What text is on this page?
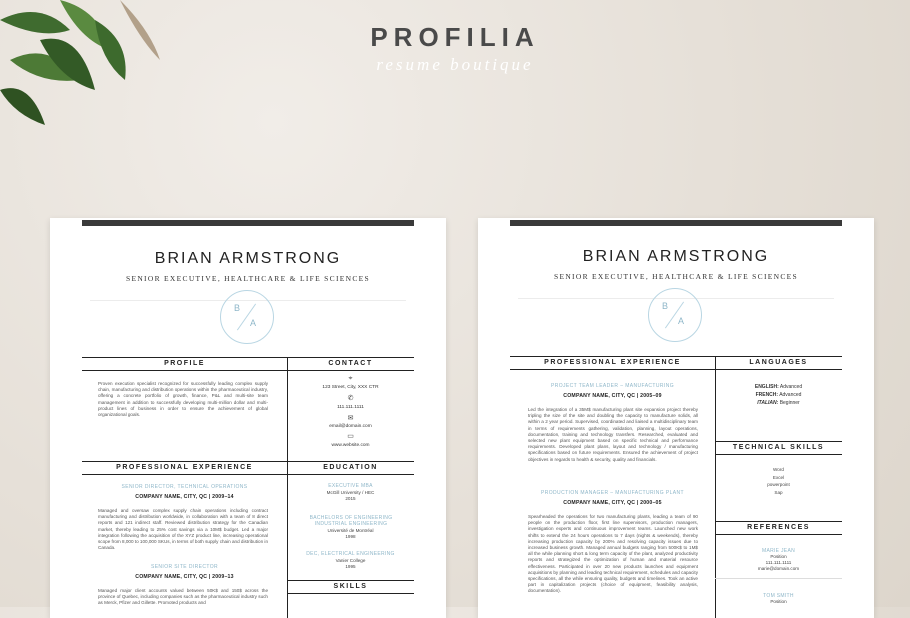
PROFILIA
resume boutique
BRIAN ARMSTRONG
SENIOR EXECUTIVE, HEALTHCARE & LIFE SCIENCES
B
A
PROFILE	CONTACT
Proven execution specialist recognized for successfully leading complex supply chain, manufacturing and distribution operations within the pharmaceutical industry, offering a concrete portfolio of growth, finance, P&L and multi-site team management in addition to successfully developing multi-million dollar and multi-product lines of business in order to ensure the achievement of global organizational goals.
⌖
123 Street, City, XXX CTR
✆
111.111.1111
✉
email@domain.com
▭
www.website.com
PROFESSIONAL EXPERIENCE	EDUCATION
SENIOR DIRECTOR, TECHNICAL OPERATIONS
COMPANY NAME, CITY, QC | 2009–14
Managed and oversaw complex supply chain operations including contract manufacturing and distribution worldwide, in collaboration with a team of 8 direct reports and 121 indirect staff. Reviewed distribution strategy for the Canadian market, thereby leading to 25% cost savings via a 10M$ budget. Led a major integration following the acquisition of the XYZ product line, increasing operational scope from 8,000 to 100,000 SKUs, in terms of both supply chain and distribution in Canada.
SENIOR SITE DIRECTOR
COMPANY NAME, CITY, QC | 2009–13
Managed major client accounts valued between 50K$ and 150$ across the province of Quebec, including companies such as the pharmaceutical industry such as Merck, Pfizer and Gillette. Promoted products and
EXECUTIVE MBA
McGill University / HEC
2015
BACHELORS OF ENGINEERING INDUSTRIAL ENGINEERING
Université de Montréal
1998
DEC, ELECTRICAL ENGINEERING
Vanier College
1995
SKILLS
BRIAN ARMSTRONG
SENIOR EXECUTIVE, HEALTHCARE & LIFE SCIENCES
B
A
PROFESSIONAL EXPERIENCE	LANGUAGES
PROJECT TEAM LEADER – MANUFACTURING
COMPANY NAME, CITY, QC | 2005–09
Led the integration of a 35M$ manufacturing plant site expansion project thereby tripling the size of the site and doubling the capacity to manufacture solids, all within a 2 year period. Supervised, coordinated and liaised a multidisciplinary team in terms of requirements gathering, validation, planning, layout operations, documentation, training and technology transfers. Researched, evaluated and selected new plant equipment based on specific technical and performance requirements. Developed plant plans, layout and technology / manufacturing specifications based on future requirements. Ensured the achievement of project objectives in regards to health & security, quality and financials.
PRODUCTION MANAGER – MANUFACTURING PLANT
COMPANY NAME, CITY, QC | 2000–05
Spearheaded the operations for two manufacturing plants, leading a team of 90 people on the production floor, first line supervisors, production managers, investigation experts and continuous improvement teams. Launched new work shifts to extend the 24 hours operations to 7 days (nights & weekends), thereby increasing production capacity by 200% and resolving capacity issues due to increased business growth. Managed annual budgets ranging from 500K$ to 1M$ all the while planning short & long term capacity of the plant, analyzed productivity reports and strategized the optimization of human and material resource effectiveness. Participated in over 20 new products launches and equipment acquisitions by planning and leading technical requirement, schedules and capacity specifications, all the while ensuring quality, budgets and timelines. Took an active part in capitalization projects (choice of equipment, feasibility analysis, documentation).
ENGLISH: Advanced
FRENCH: Advanced
ITALIAN: Beginner
TECHNICAL SKILLS
Word
Excel
powerpoint
Sap
REFERENCES
MARIE JEAN
Position
111.111.1111
marie@domain.com
TOM SMITH
Position
